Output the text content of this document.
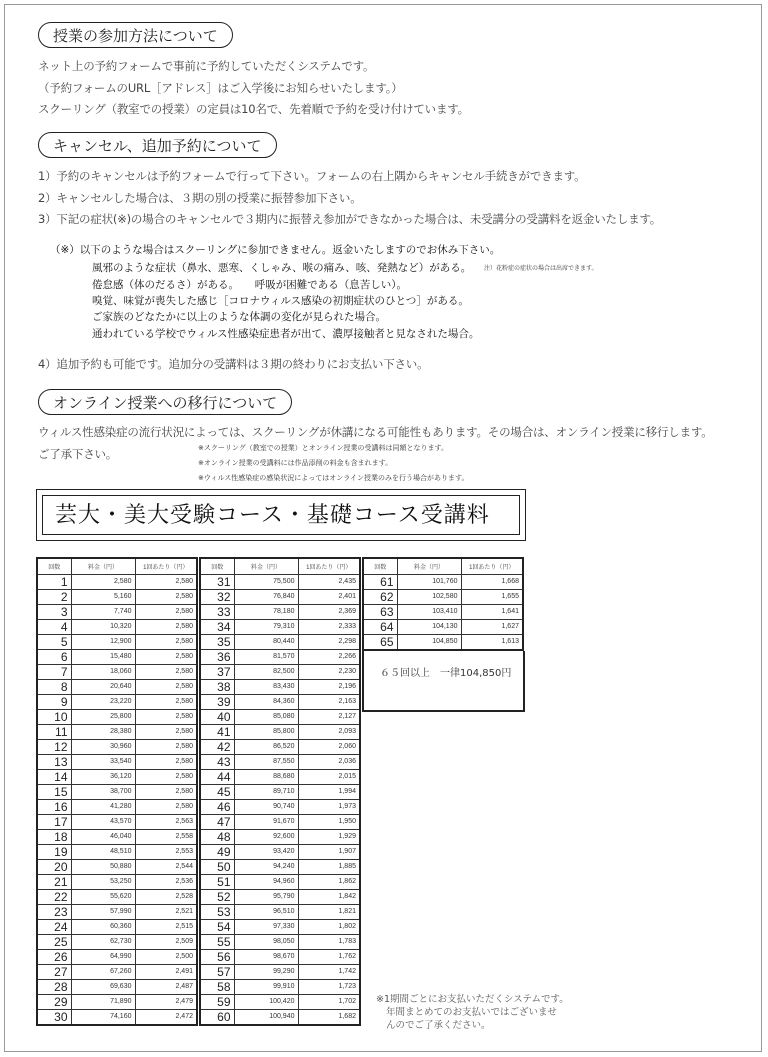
授業の参加方法について
ネット上の予約フォームで事前に予約していただくシステムです。
（予約フォームのURL［アドレス］はご入学後にお知らせいたします。）
スクーリング（教室での授業）の定員は10名で、先着順で予約を受け付けています。
キャンセル、追加予約について
1）予約のキャンセルは予約フォームで行って下さい。フォームの右上隅からキャンセル手続きができます。
2）キャンセルした場合は、３期の別の授業に振替参加下さい。
3）下記の症状(※)の場合のキャンセルで３期内に振替え参加ができなかった場合は、未受講分の受講料を返金いたします。
（※）以下のような場合はスクーリングに参加できません。返金いたしますのでお休み下さい。
風邪のような症状（鼻水、悪寒、くしゃみ、喉の痛み、咳、発熱など）がある。 注）花粉症の症状の場合は出席できます。
倦怠感（体のだるさ）がある。　　呼吸が困難である（息苦しい）。
嗅覚、味覚が喪失した感じ［コロナウィルス感染の初期症状のひとつ］がある。
ご家族のどなたかに以上のような体調の変化が見られた場合。
通われている学校でウィルス性感染症患者が出て、濃厚接触者と見なされた場合。
4）追加予約も可能です。追加分の受講料は３期の終わりにお支払い下さい。
オンライン授業への移行について
ウィルス性感染症の流行状況によっては、スクーリングが休講になる可能性もあります。その場合は、オンライン授業に移行します。
ご了承下さい。	※スクーリング（教室での授業）とオンライン授業の受講料は同額となります。
※オンライン授業の受講料には作品添削の料金も含まれます。
※ウィルス性感染症の感染状況によってはオンライン授業のみを行う場合があります。
芸大・美大受験コース・基礎コース受講料
回数	料金（円）	1回あたり（円）
1	2,580	2,580
2	5,160	2,580
3	7,740	2,580
4	10,320	2,580
5	12,900	2,580
6	15,480	2,580
7	18,060	2,580
8	20,640	2,580
9	23,220	2,580
10	25,800	2,580
11	28,380	2,580
12	30,960	2,580
13	33,540	2,580
14	36,120	2,580
15	38,700	2,580
16	41,280	2,580
17	43,570	2,563
18	46,040	2,558
19	48,510	2,553
20	50,880	2,544
21	53,250	2,536
22	55,620	2,528
23	57,990	2,521
24	60,360	2,515
25	62,730	2,509
26	64,990	2,500
27	67,260	2,491
28	69,630	2,487
29	71,890	2,479
30	74,160	2,472
回数	料金（円）	1回あたり（円）
31	75,500	2,435
32	76,840	2,401
33	78,180	2,369
34	79,310	2,333
35	80,440	2,298
36	81,570	2,266
37	82,500	2,230
38	83,430	2,196
39	84,360	2,163
40	85,080	2,127
41	85,800	2,093
42	86,520	2,060
43	87,550	2,036
44	88,680	2,015
45	89,710	1,994
46	90,740	1,973
47	91,670	1,950
48	92,600	1,929
49	93,420	1,907
50	94,240	1,885
51	94,960	1,862
52	95,790	1,842
53	96,510	1,821
54	97,330	1,802
55	98,050	1,783
56	98,670	1,762
57	99,290	1,742
58	99,910	1,723
59	100,420	1,702
60	100,940	1,682
回数	料金（円）	1回あたり（円）
61	101,760	1,668
62	102,580	1,655
63	103,410	1,641
64	104,130	1,627
65	104,850	1,613
６５回以上　一律104,850円
※1期間ごとにお支払いただくシステムです。
年間まとめてのお支払いではございませ
んのでご了承ください。
